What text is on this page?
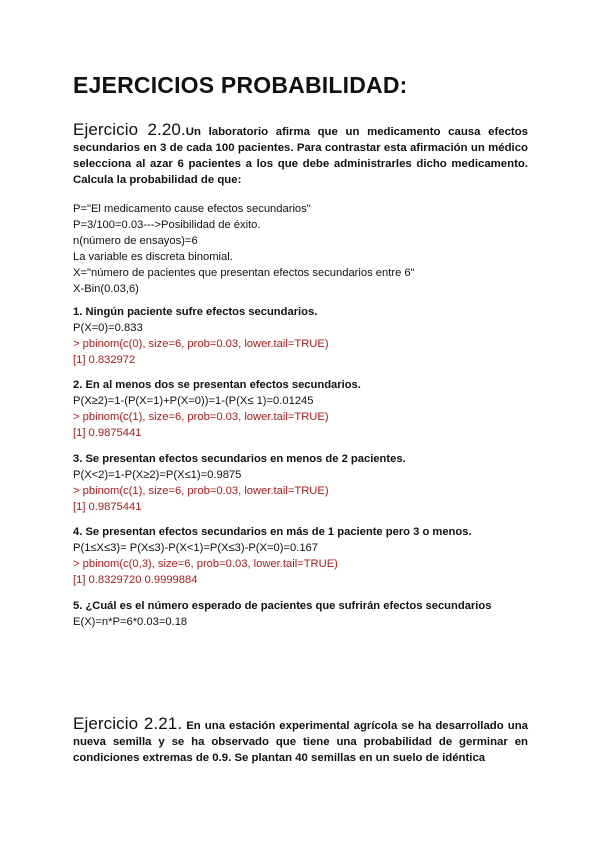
EJERCICIOS PROBABILIDAD:

Ejercicio 2.20.Un laboratorio afirma que un medicamento causa efectos secundarios en 3 de cada 100 pacientes. Para contrastar esta afirmación un médico selecciona al azar 6 pacientes a los que debe administrarles dicho medicamento. Calcula la probabilidad de que:

P="El medicamento cause efectos secundarios"

P=3/100=0.03--->Posibilidad de éxito.

n(número de ensayos)=6

La variable es discreta binomial.

X="número de pacientes que presentan efectos secundarios entre 6"

X-Bin(0.03,6)

1. Ningún paciente sufre efectos secundarios.

P(X=0)=0.833

> pbinom(c(0), size=6, prob=0.03, lower.tail=TRUE)

[1] 0.832972

2. En al menos dos se presentan efectos secundarios.

P(X≥2)=1-(P(X=1)+P(X=0))=1-(P(X≤ 1)=0.01245

> pbinom(c(1), size=6, prob=0.03, lower.tail=TRUE)

[1] 0.9875441

3. Se presentan efectos secundarios en menos de 2 pacientes.

P(X<2)=1-P(X≥2)=P(X≤1)=0.9875

> pbinom(c(1), size=6, prob=0.03, lower.tail=TRUE)

[1] 0.9875441

4. Se presentan efectos secundarios en más de 1 paciente pero 3 o menos.

P(1≤X≤3)= P(X≤3)-P(X<1)=P(X≤3)-P(X=0)=0.167

> pbinom(c(0,3), size=6, prob=0.03, lower.tail=TRUE)

[1] 0.8329720 0.9999884

5. ¿Cuál es el número esperado de pacientes que sufrirán efectos secundarios

E(X)=n*P=6*0.03=0.18

Ejercicio 2.21. En una estación experimental agrícola se ha desarrollado una nueva semilla y se ha observado que tiene una probabilidad de germinar en condiciones extremas de 0.9. Se plantan 40 semillas en un suelo de idéntica
